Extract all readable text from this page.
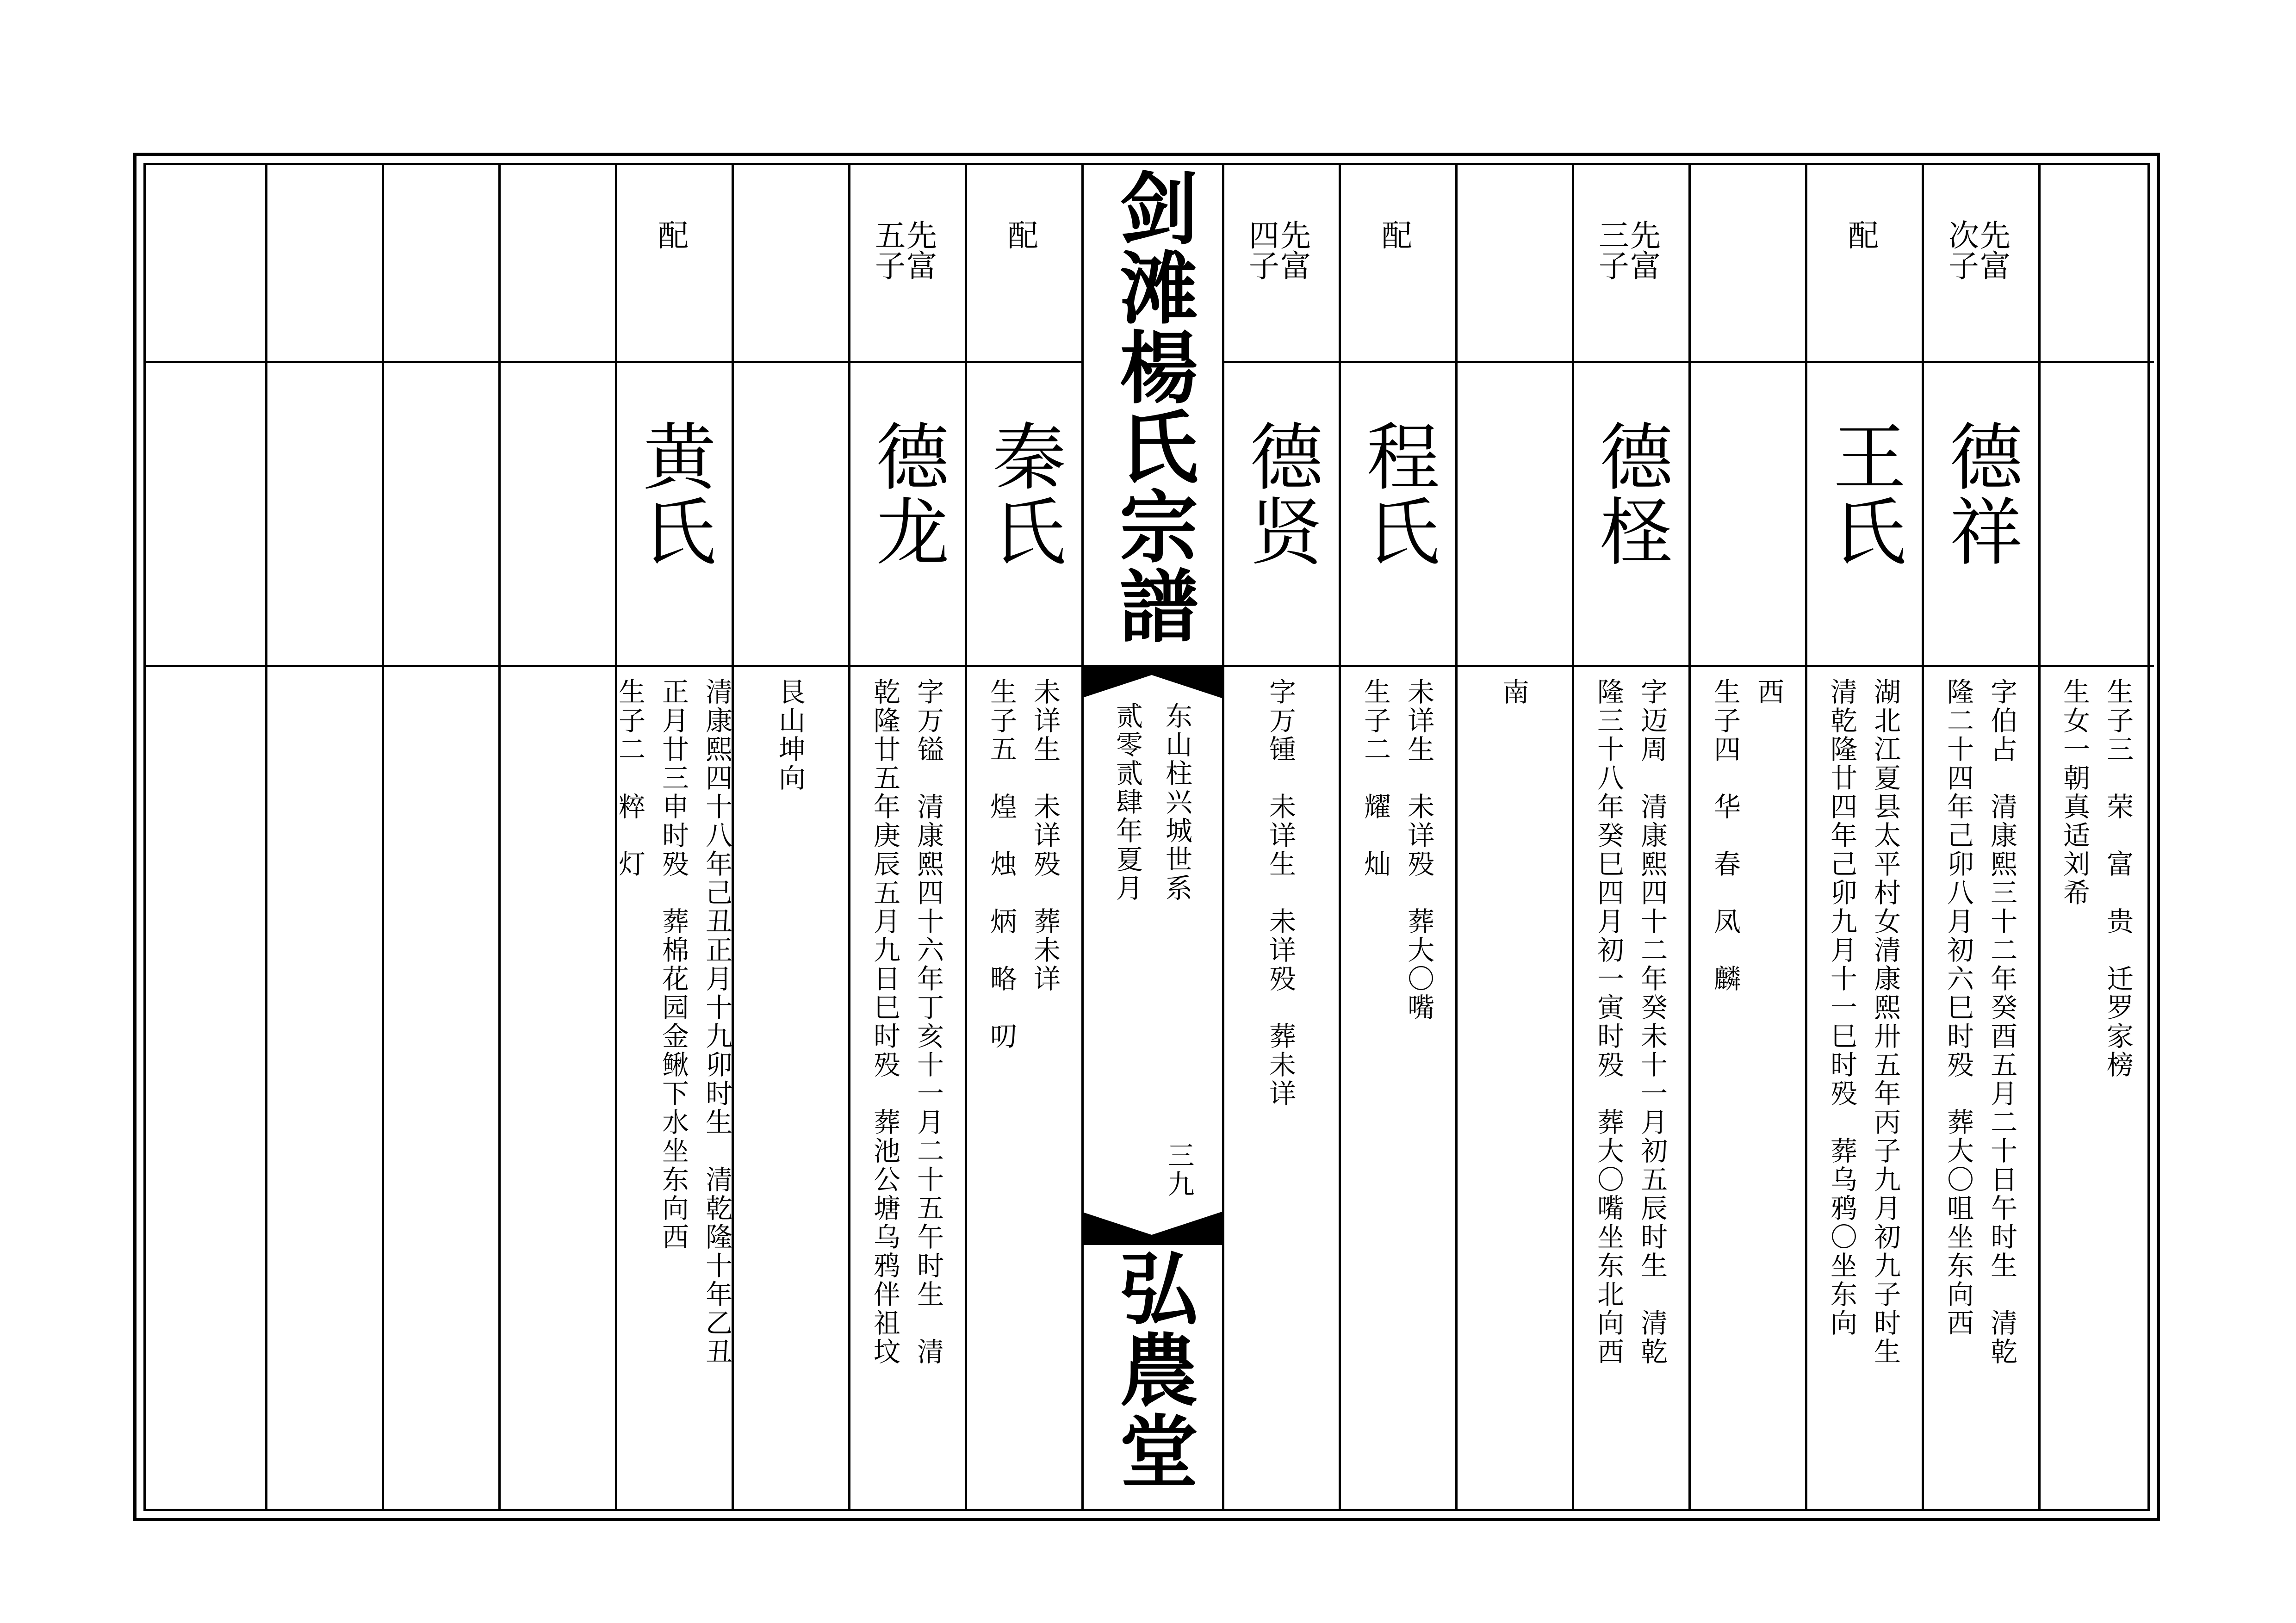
生女一朝真适刘希 生子三　荣　富　贵　迁罗家榜
次先
子富
德祥
隆二十四年己卯八月初六巳时殁　葬大〇咀坐东向西 字伯占　清康熙三十二年癸酉五月二十日午时生　清乾
配
王氏
清乾隆廿四年己卯九月十一巳时殁　葬乌鸦〇坐东向 湖北江夏县太平村女清康熙卅五年丙子九月初九子时生
生子四　华　春　凤　麟 西
三先
子富
德柽
隆三十八年癸巳四月初一寅时殁　葬大〇嘴坐东北向西 字迈周　清康熙四十二年癸未十一月初五辰时生　清乾
南
配
程氏
生子二　耀　灿 未详生　未详殁　葬大〇嘴
四先
子富
德贤
字万锺　未详生　未详殁　葬未详
配
秦氏
生子五　煌　烛　炳　略　叨 未详生　未详殁　葬未详
五先
子富
德龙
乾隆廿五年庚辰五月九日巳时殁　葬池公塘乌鸦伴祖坟 字万镒　清康熙四十六年丁亥十一月二十五午时生　清
艮山坤向
配
黄氏
生子二　粹　灯 正月廿三申时殁　葬棉花园金鳅下水坐东向西 清康熙四十八年己丑正月十九卯时生　清乾隆十年乙丑
剑滩楊氏宗譜
贰零贰肆年夏月 东山柱兴城世系
三九
弘農堂
